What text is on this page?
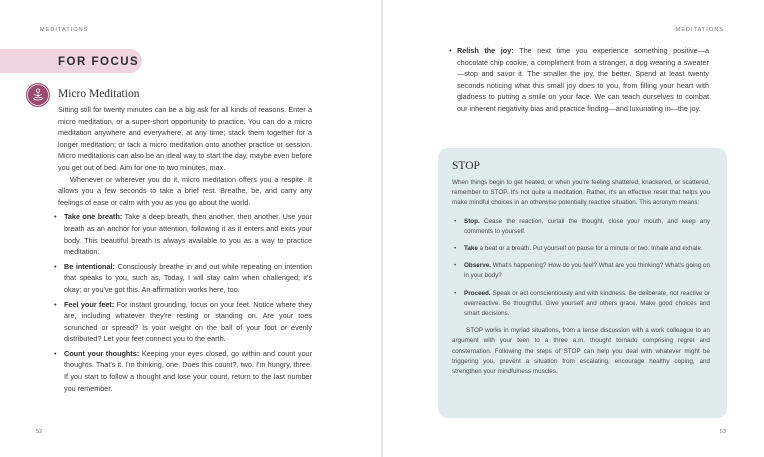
MEDITATIONS
FOR FOCUS
Micro Meditation

Sitting still for twenty minutes can be a big ask for all kinds of reasons. Enter a micro meditation, or a super-short opportunity to practice. You can do a micro meditation anywhere and everywhere, at any time; stack them together for a longer meditation; or tack a micro meditation onto another practice or session. Micro meditations can also be an ideal way to start the day, maybe even before you get out of bed. Aim for one to two minutes, max.

Whenever or wherever you do it, micro meditation offers you a respite. It allows you a few seconds to take a brief rest. Breathe, be, and carry any feelings of ease or calm with you as you go about the world.

• Take one breath: Take a deep breath, then another, then another. Use your breath as an anchor for your attention, following it as it enters and exits your body. This beautiful breath is always available to you as a way to practice meditation.
• Be intentional: Consciously breathe in and out while repeating on intention that speaks to you, such as, Today, I will stay calm when challenged; it's okay; or you've got this. An affirmation works here, too.
• Feel your feet: For instant grounding, focus on your feet. Notice where they are, including whatever they're resting or standing on. Are your toes scrunched or spread? Is your weight on the ball of your foot or evenly distributed? Let your feet connect you to the earth.
• Count your thoughts: Keeping your eyes closed, go within and count your thoughts. That's it. I'm thinking, one. Does this count?, two. I'm hungry, three. If you start to follow a thought and lose your count, return to the last number you remember.
52
MEDITATIONS
• Relish the joy: The next time you experience something positive—a chocolate chip cookie, a compliment from a stranger, a dog wearing a sweater—stop and savor it. The smaller the joy, the better. Spend at least twenty seconds noticing what this small joy does to you, from filling your heart with gladness to putting a smile on your face. We can teach ourselves to combat our inherent negativity bias and practice finding—and luxuriating in—the joy.
STOP

When things begin to get heated, or when you're feeling shattered, knackered, or scattered, remember to STOP. It's not quite a meditation. Rather, it's an effective reset that helps you make mindful choices in an otherwise potentially reactive situation. This acronym means:

• Stop. Cease the reaction, curtail the thought, close your mouth, and keep any comments to yourself.
• Take a beat or a breath. Put yourself on pause for a minute or two. Inhale and exhale.
• Observe. What's happening? How do you feel? What are you thinking? What's going on in your body?
• Proceed. Speak or act conscientiously and with kindness. Be deliberate, not reactive or overreactive. Be thoughtful. Give yourself and others grace. Make good choices and smart decisions.

STOP works in myriad situations, from a tense discussion with a work colleague to an argument with your teen to a three a.m. thought tornado comprising regret and consternation. Following the steps of STOP can help you deal with whatever might be triggering you, prevent a situation from escalating, encourage healthy coping, and strengthen your mindfulness muscles.

53
